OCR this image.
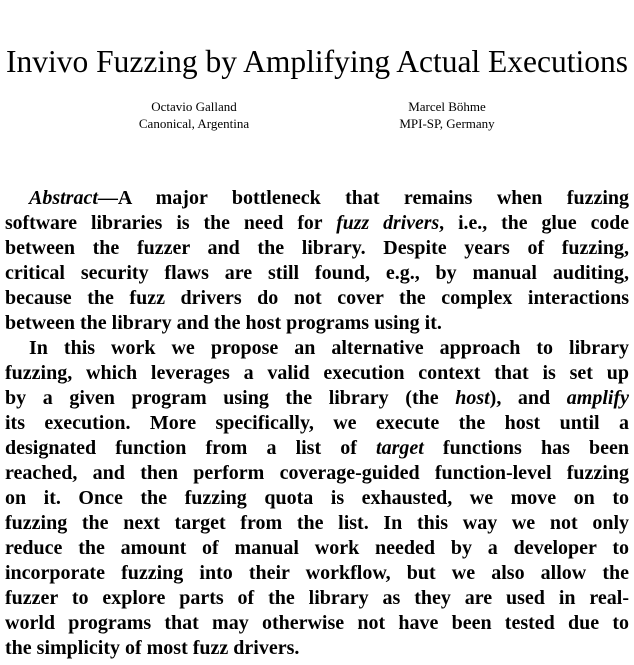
Invivo Fuzzing by Amplifying Actual Executions
Octavio Galland
Canonical, Argentina
Marcel Böhme
MPI-SP, Germany
Abstract—A major bottleneck that remains when fuzzing
software libraries is the need for fuzz drivers, i.e., the glue code
between the fuzzer and the library. Despite years of fuzzing,
critical security flaws are still found, e.g., by manual auditing,
because the fuzz drivers do not cover the complex interactions
between the library and the host programs using it.
In this work we propose an alternative approach to library
fuzzing, which leverages a valid execution context that is set up
by a given program using the library (the host), and amplify
its execution. More specifically, we execute the host until a
designated function from a list of target functions has been
reached, and then perform coverage-guided function-level fuzzing
on it. Once the fuzzing quota is exhausted, we move on to
fuzzing the next target from the list. In this way we not only
reduce the amount of manual work needed by a developer to
incorporate fuzzing into their workflow, but we also allow the
fuzzer to explore parts of the library as they are used in real-
world programs that may otherwise not have been tested due to
the simplicity of most fuzz drivers.
